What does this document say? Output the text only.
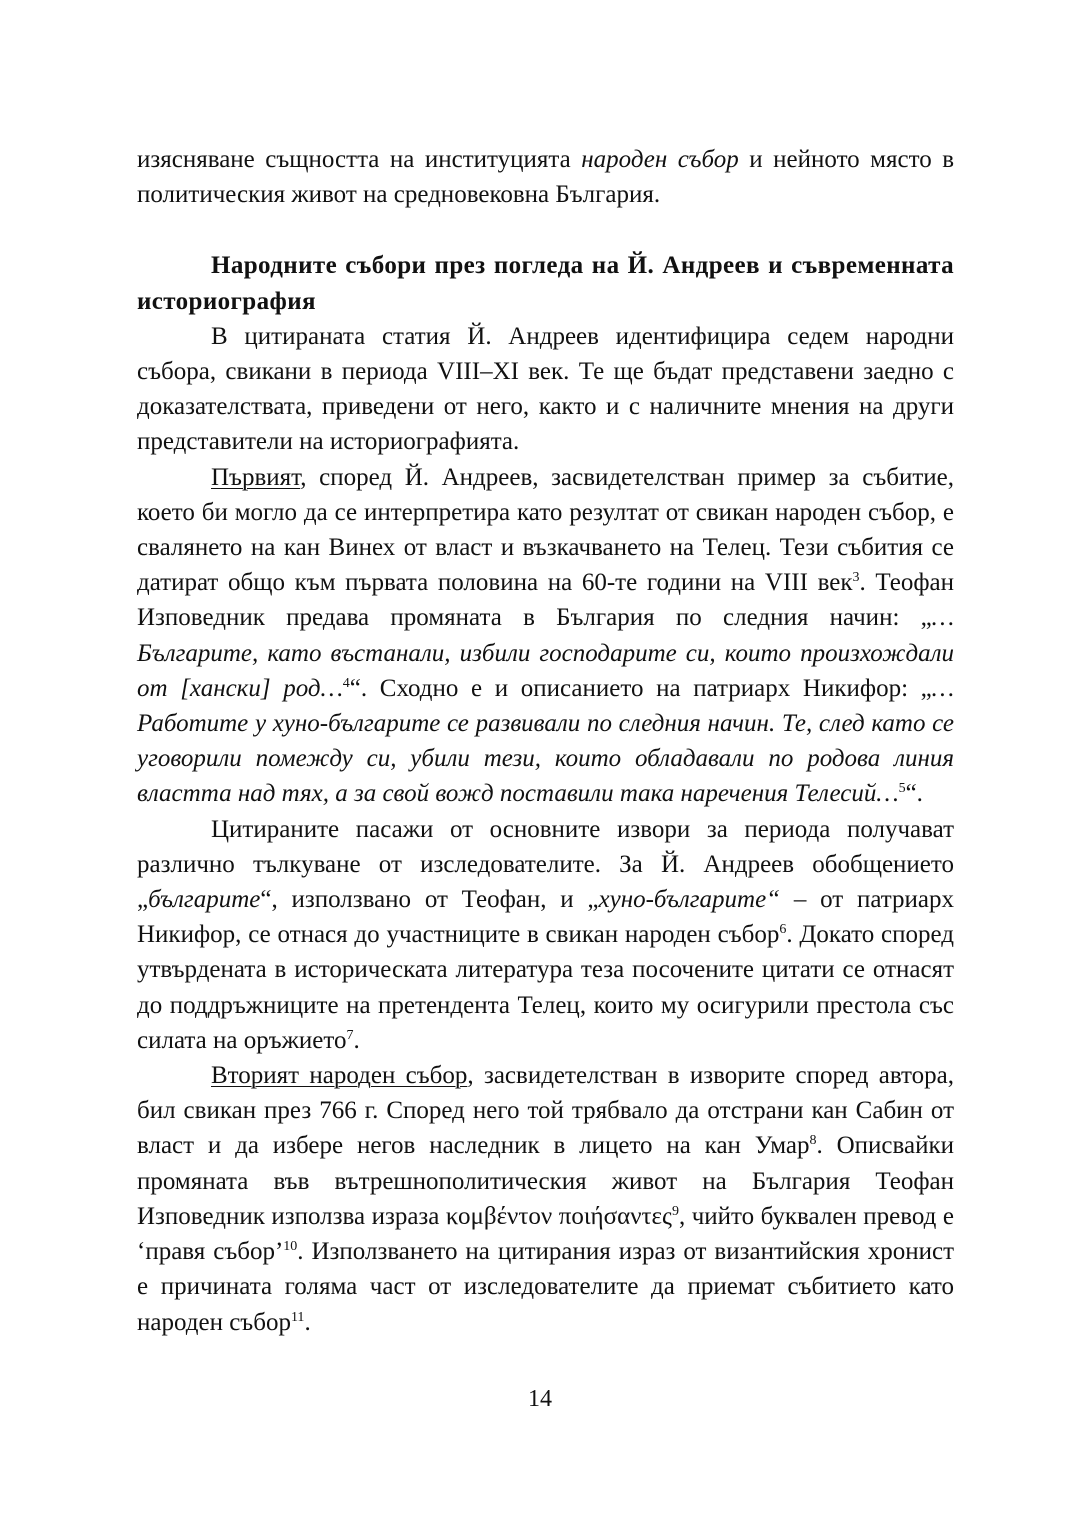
изясняване същността на институцията народен събор и нейното място в политическия живот на средновековна България.

Народните събори през погледа на Й. Андреев и съвременната историография

В цитираната статия Й. Андреев идентифицира седем народни събора, свикани в периода VIII–XI век. Те ще бъдат представени заедно с доказателствата, приведени от него, както и с наличните мнения на други представители на историографията.

Първият, според Й. Андреев, засвидетелстван пример за събитие, което би могло да се интерпретира като резултат от свикан народен събор, е свалянето на кан Винех от власт и възкачването на Телец. Тези събития се датират общо към първата половина на 60-те години на VIII век$^3$. Теофан Изповедник предава промяната в България по следния начин: „…Българите, като въстанали, избили господарите си, които произхождали от [хански] род…$^4$“. Сходно е и описанието на патриарх Никифор: „…Работите у хуно-българите се развивали по следния начин. Те, след като се уговорили помежду си, убили тези, които обладавали по родова линия властта над тях, а за свой вожд поставили така наречения Телесий…$^5$“.

Цитираните пасажи от основните извори за периода получават различно тълкуване от изследователите. За Й. Андреев обобщението „българите“, използвано от Теофан, и „хуно-българите“ – от патриарх Никифор, се отнася до участниците в свикан народен събор$^6$. Докато според утвърдената в историческата литература теза посочените цитати се отнасят до поддръжниците на претендента Телец, които му осигурили престола със силата на оръжието$^7$.

Вторият народен събор, засвидетелстван в изворите според автора, бил свикан през 766 г. Според него той трябвало да отстрани кан Сабин от власт и да избере негов наследник в лицето на кан Умар$^8$. Описвайки промяната във вътрешнополитическия живот на България Теофан Изповедник използва израза κομβέντον ποιήσαντες$^9$, чийто буквален превод е ‘правя събор’$^{10}$. Използването на цитирания израз от византийския хронист е причината голяма част от изследователите да приемат събитието като народен събор$^{11}$.

14
